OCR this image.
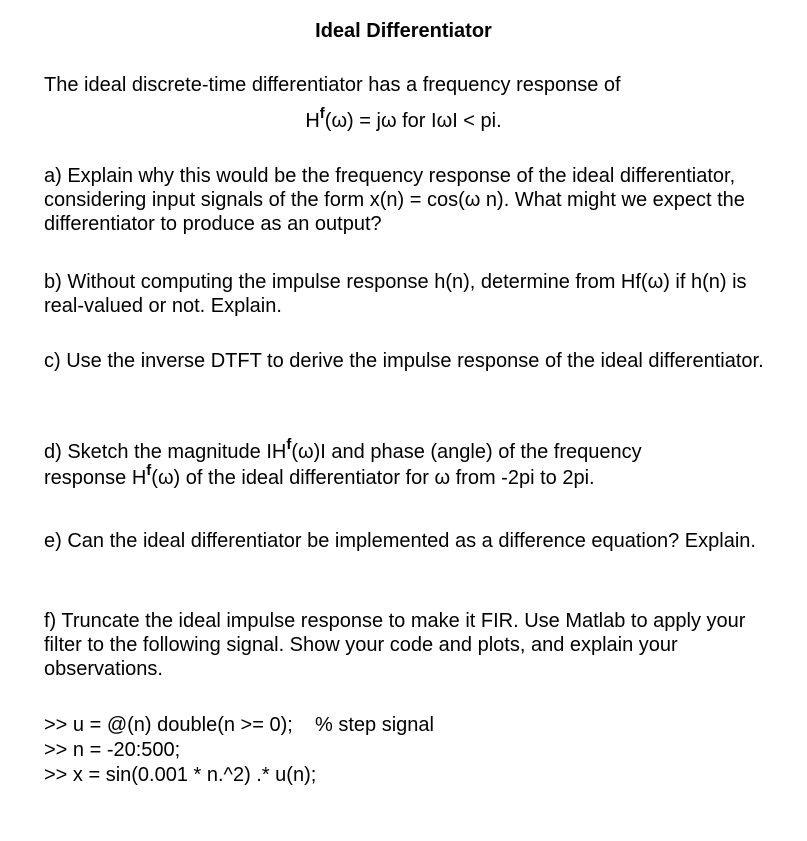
Ideal Differentiator

The ideal discrete-time differentiator has a frequency response of

$H^f(\omega) = j\omega$ for IωI < pi.

a) Explain why this would be the frequency response of the ideal differentiator, considering input signals of the form x(n) = cos(ω n). What might we expect the differentiator to produce as an output?

b) Without computing the impulse response h(n), determine from Hf(ω) if h(n) is real-valued or not. Explain.

c) Use the inverse DTFT to derive the impulse response of the ideal differentiator.

d) Sketch the magnitude $IH^f(\omega)I$ and phase (angle) of the frequency
response $H^f(\omega)$ of the ideal differentiator for ω from -2pi to 2pi.

e) Can the ideal differentiator be implemented as a difference equation? Explain.

f) Truncate the ideal impulse response to make it FIR. Use Matlab to apply your filter to the following signal. Show your code and plots, and explain your observations.

>> u = @(n) double(n >= 0);    % step signal
>> n = -20:500;
>> x = sin(0.001 * n.^2) .* u(n);
